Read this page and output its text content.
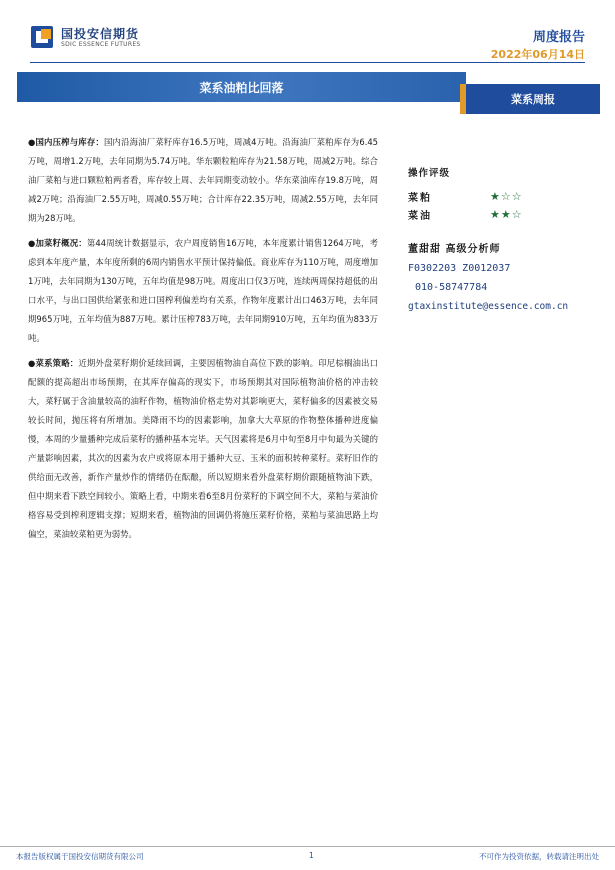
国投安信期货
SDIC ESSENCE FUTURES	周度报告
2022年06月14日
菜系油粕比回落
菜系周报

●国内压榨与库存：国内沿海油厂菜籽库存16.5万吨，周减4万吨。沿海油厂菜粕库存为6.45万吨，周增1.2万吨，去年同期为5.74万吨。华东颗粒粕库存为21.58万吨，周减2万吨。综合油厂菜粕与进口颗粒粕两者看，库存较上周、去年同期变动较小。华东菜油库存19.8万吨，周减2万吨；沿海油厂2.55万吨，周减0.55万吨；合计库存22.35万吨，周减2.55万吨，去年同期为28万吨。

●加菜籽概况：第44周统计数据显示，农户周度销售16万吨，本年度累计销售1264万吨，考虑到本年度产量，本年度所剩的6周内销售水平预计保持偏低。商业库存为110万吨，周度增加1万吨，去年同期为130万吨，五年均值是98万吨。周度出口仅3万吨，连续两周保持超低的出口水平，与出口国供给紧张和进口国榨利偏差均有关系，作物年度累计出口463万吨，去年同期965万吨，五年均值为887万吨。累计压榨783万吨，去年同期910万吨，五年均值为833万吨。

●菜系策略：近期外盘菜籽期价延续回调，主要因植物油自高位下跌的影响。印尼棕榈油出口配额的提高超出市场预期，在其库存偏高的现实下，市场预期其对国际植物油价格的冲击较大，菜籽属于含油量较高的油籽作物，植物油价格走势对其影响更大，菜籽偏多的因素被交易较长时间，抛压将有所增加。美降雨不均的因素影响，加拿大大草原的作物整体播种进度偏慢，本周的少量播种完成后菜籽的播种基本完毕。天气因素将是6月中旬至8月中旬最为关键的产量影响因素，其次的因素为农户或将原本用于播种大豆、玉米的面积转种菜籽。菜籽旧作的供给面无改善，新作产量炒作的情绪仍在酝酿，所以短期来看外盘菜籽期价跟随植物油下跌，但中期来看下跌空间较小。策略上看，中期来看6至8月份菜籽的下调空间不大，菜粕与菜油价格容易受到榨利逻辑支撑；短期来看，植物油的回调仍将施压菜籽价格，菜粕与菜油思路上均偏空，菜油较菜粕更为弱势。

操作评级
菜粕	★☆☆
菜油	★★☆
董甜甜 高级分析师
F0302203 Z0012037
010-58747784
gtaxinstitute@essence.com.cn
本报告版权属于国投安信期货有限公司	1	不可作为投资依据，转载请注明出处
